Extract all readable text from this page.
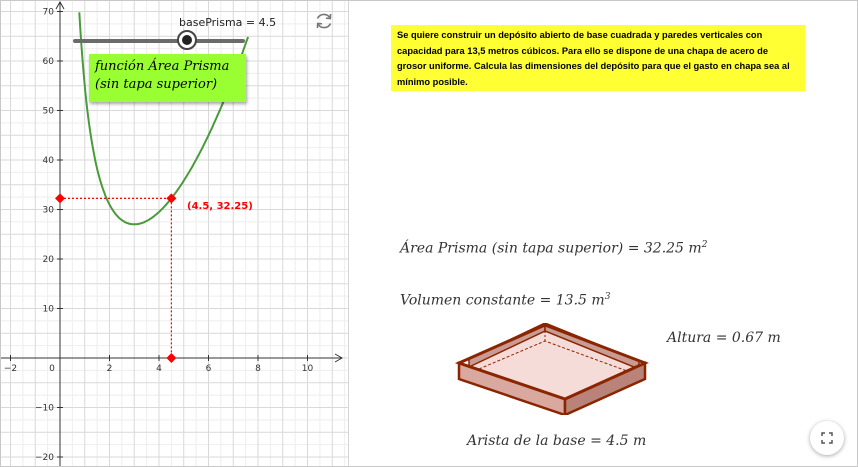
−2	0	2	4	6	8	10
−20
−10
10
20
30
40
50
60
70
basePrisma = 4.5
función Área Prisma
(sin tapa superior)
(4.5, 32.25)
Se quiere construir un depósito abierto de base cuadrada y paredes verticales con capacidad para 13,5 metros cúbicos. Para ello se dispone de una chapa de acero de grosor uniforme. Calcula las dimensiones del depósito para que el gasto en chapa sea al mínimo posible.
Área Prisma (sin tapa superior) = 32.25 $m^2$
Volumen constante = 13.5 $m^3$
Altura = 0.67 m
Arista de la base = 4.5 m
